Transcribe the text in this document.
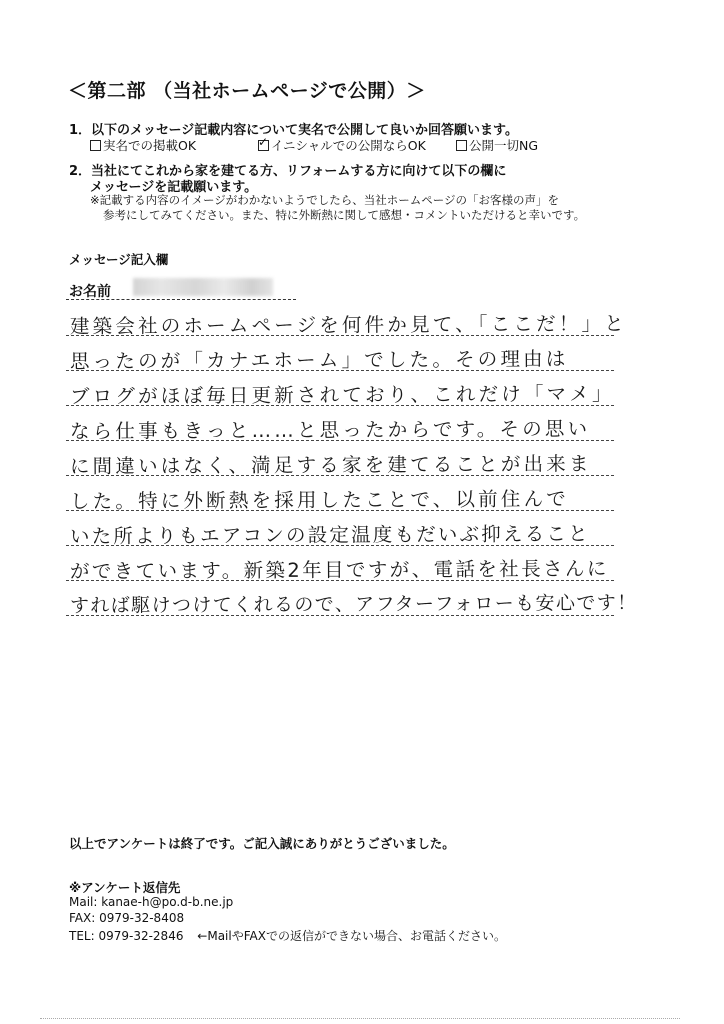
＜第二部 （当社ホームページで公開）＞
1．以下のメッセージ記載内容について実名で公開して良いか回答願います。
実名での掲載OK
✓	イニシャルでの公開ならOK	公開一切NG
2．当社にてこれから家を建てる方、リフォームする方に向けて以下の欄に
メッセージを記載願います。
※記載する内容のイメージがわかないようでしたら、当社ホームページの「お客様の声」を
参考にしてみてください。また、特に外断熱に関して感想・コメントいただけると幸いです。
メッセージ記入欄
お名前
建築会社のホームページを何件か見て、「ここだ！」と
思ったのが「カナエホーム」でした。その理由は
ブログがほぼ毎日更新されており、これだけ「マメ」
なら仕事もきっと……と思ったからです。その思い
に間違いはなく、満足する家を建てることが出来ま
した。特に外断熱を採用したことで、以前住んで
いた所よりもエアコンの設定温度もだいぶ抑えること
ができています。新築2年目ですが、電話を社長さんに
すれば駆けつけてくれるので、アフターフォローも安心です！
以上でアンケートは終了です。ご記入誠にありがとうございました。
※アンケート返信先
Mail: kanae-h@po.d-b.ne.jp
FAX: 0979-32-8408
TEL: 0979-32-2846 ←MailやFAXでの返信ができない場合、お電話ください。
